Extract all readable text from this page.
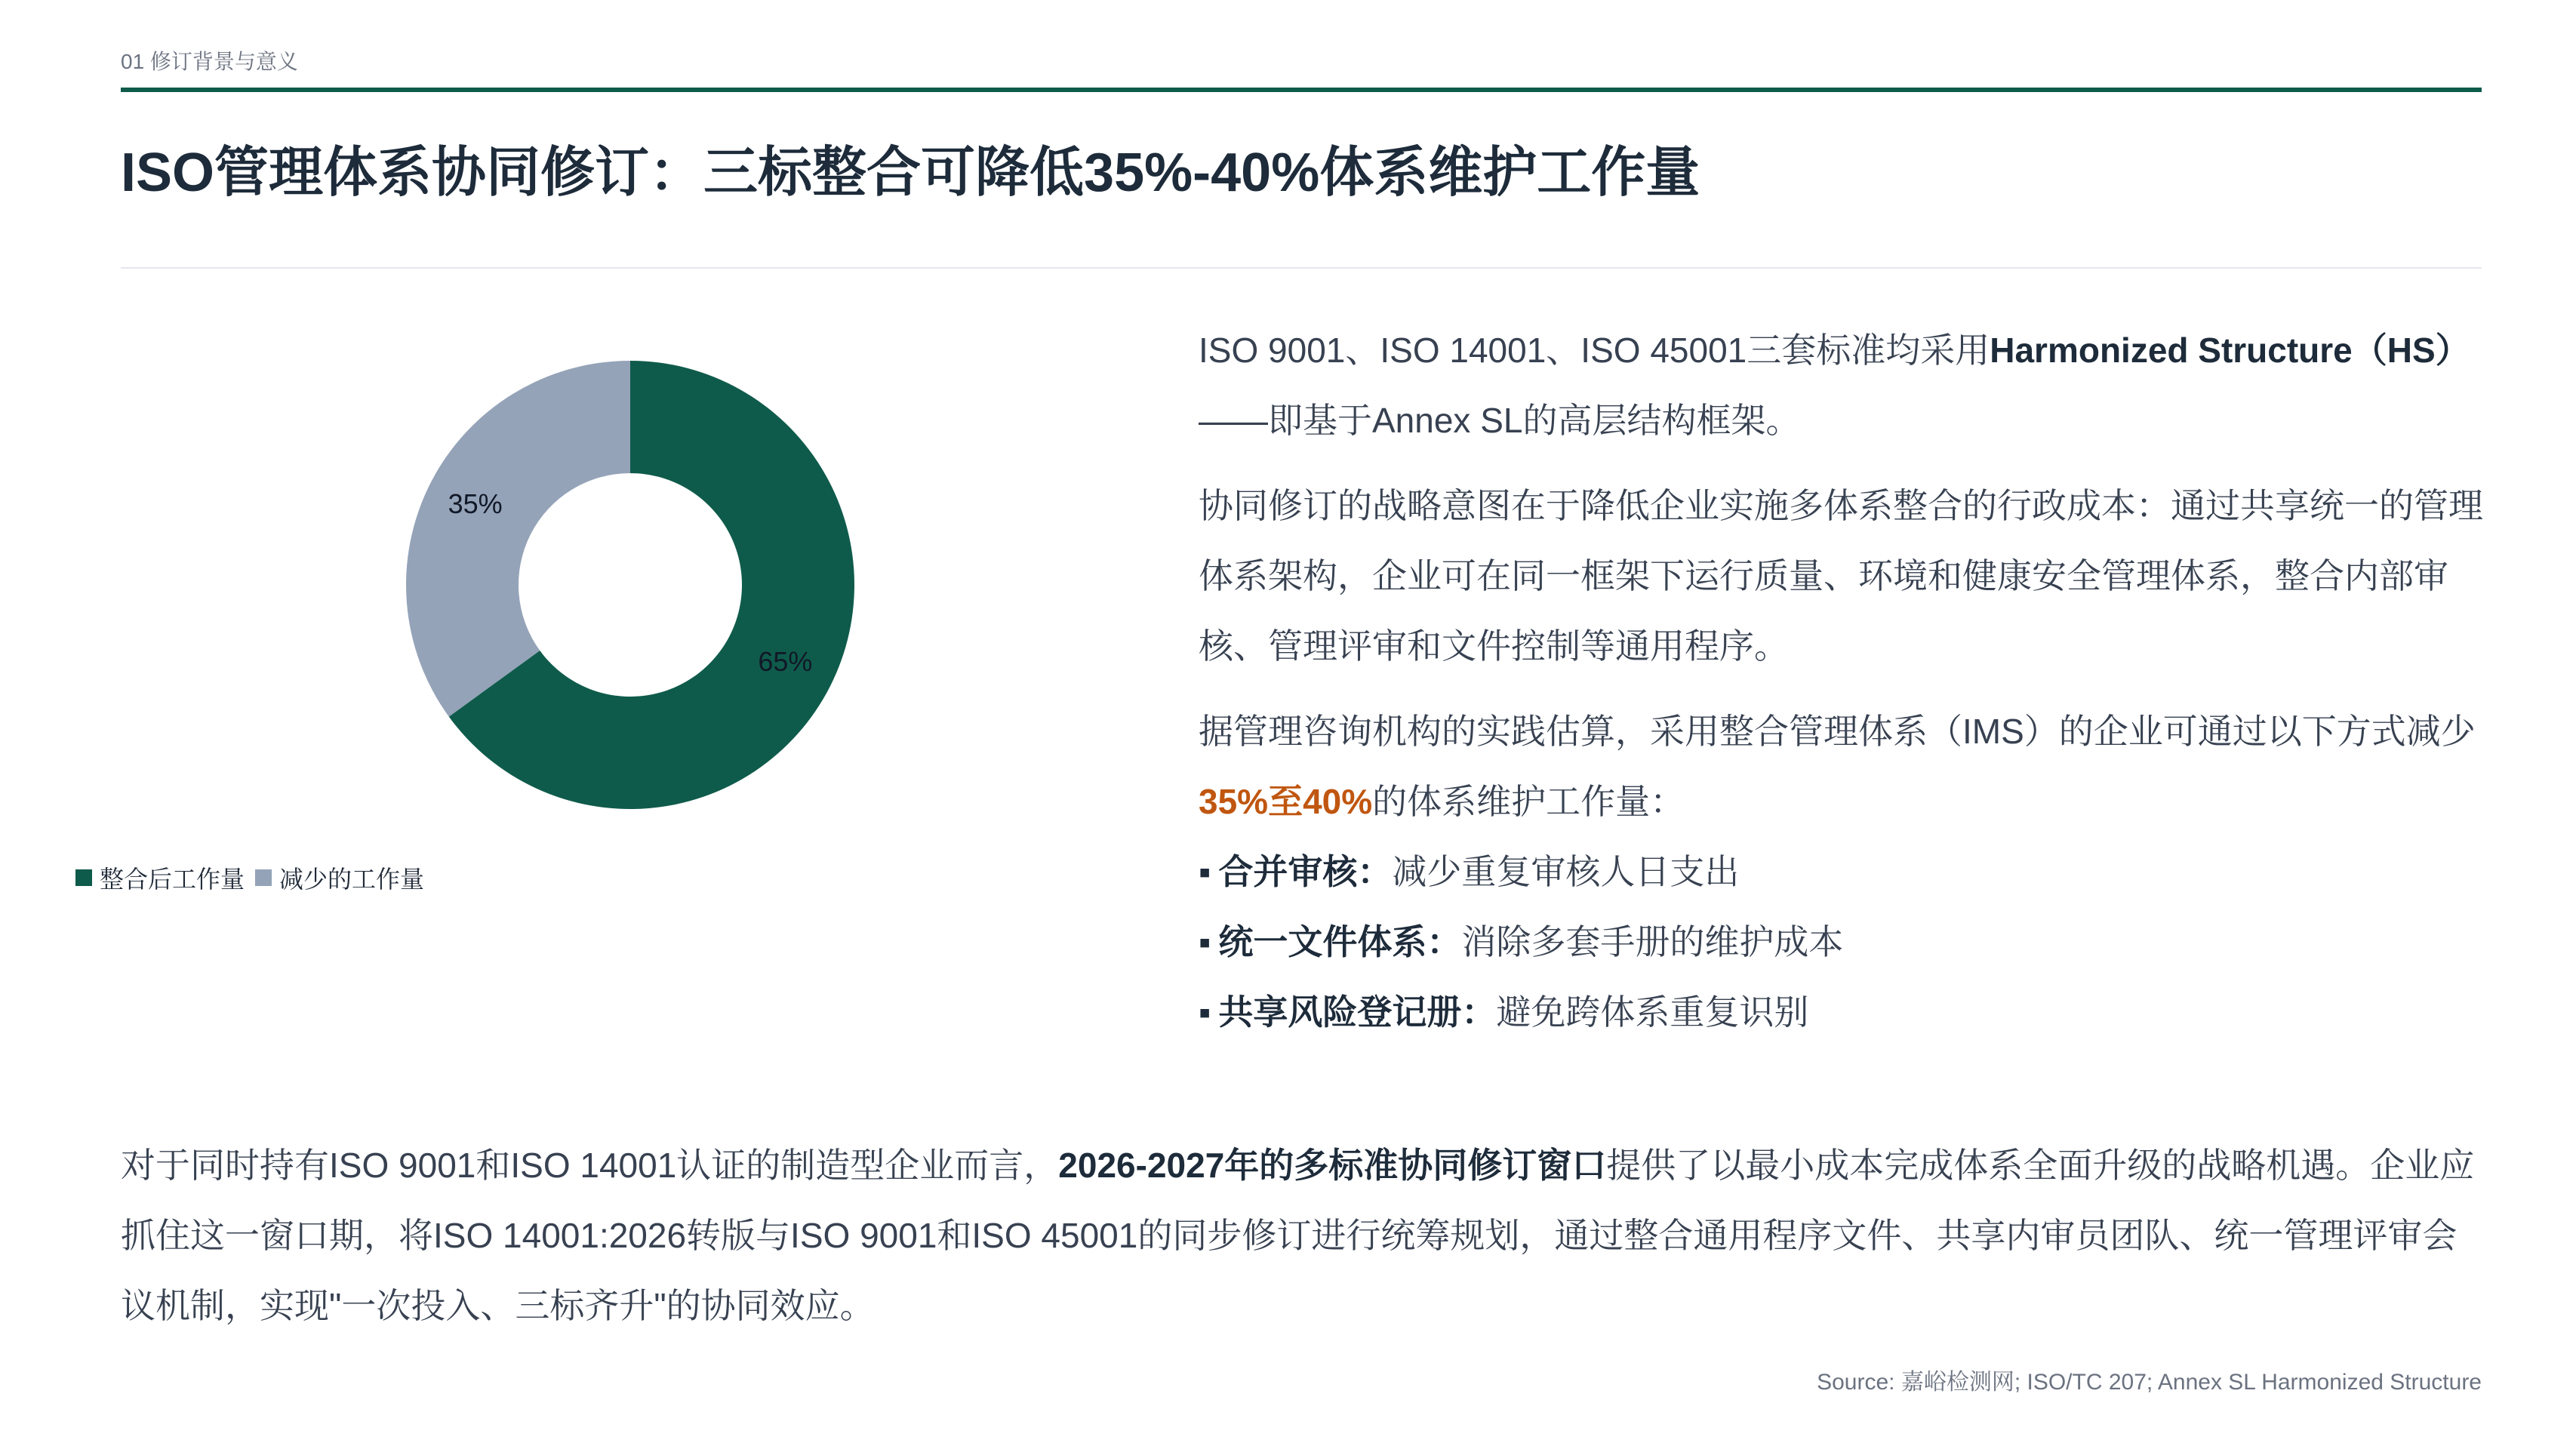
01 修订背景与意义
ISO管理体系协同修订：三标整合可降低35%-40%体系维护工作量
65%
35%
整合后工作量 减少的工作量

ISO 9001、ISO 14001、ISO 45001三套标准均采用Harmonized Structure（HS）——即基于Annex SL的高层结构框架。

协同修订的战略意图在于降低企业实施多体系整合的行政成本：通过共享统一的管理体系架构，企业可在同一框架下运行质量、环境和健康安全管理体系，整合内部审核、管理评审和文件控制等通用程序。

据管理咨询机构的实践估算，采用整合管理体系（IMS）的企业可通过以下方式减少35%至40%的体系维护工作量：

▪ 合并审核：减少重复审核人日支出
▪ 统一文件体系：消除多套手册的维护成本
▪ 共享风险登记册：避免跨体系重复识别
对于同时持有ISO 9001和ISO 14001认证的制造型企业而言，2026-2027年的多标准协同修订窗口提供了以最小成本完成体系全面升级的战略机遇。企业应抓住这一窗口期，将ISO 14001:2026转版与ISO 9001和ISO 45001的同步修订进行统筹规划，通过整合通用程序文件、共享内审员团队、统一管理评审会议机制，实现"一次投入、三标齐升"的协同效应。
Source: 嘉峪检测网; ISO/TC 207; Annex SL Harmonized Structure
